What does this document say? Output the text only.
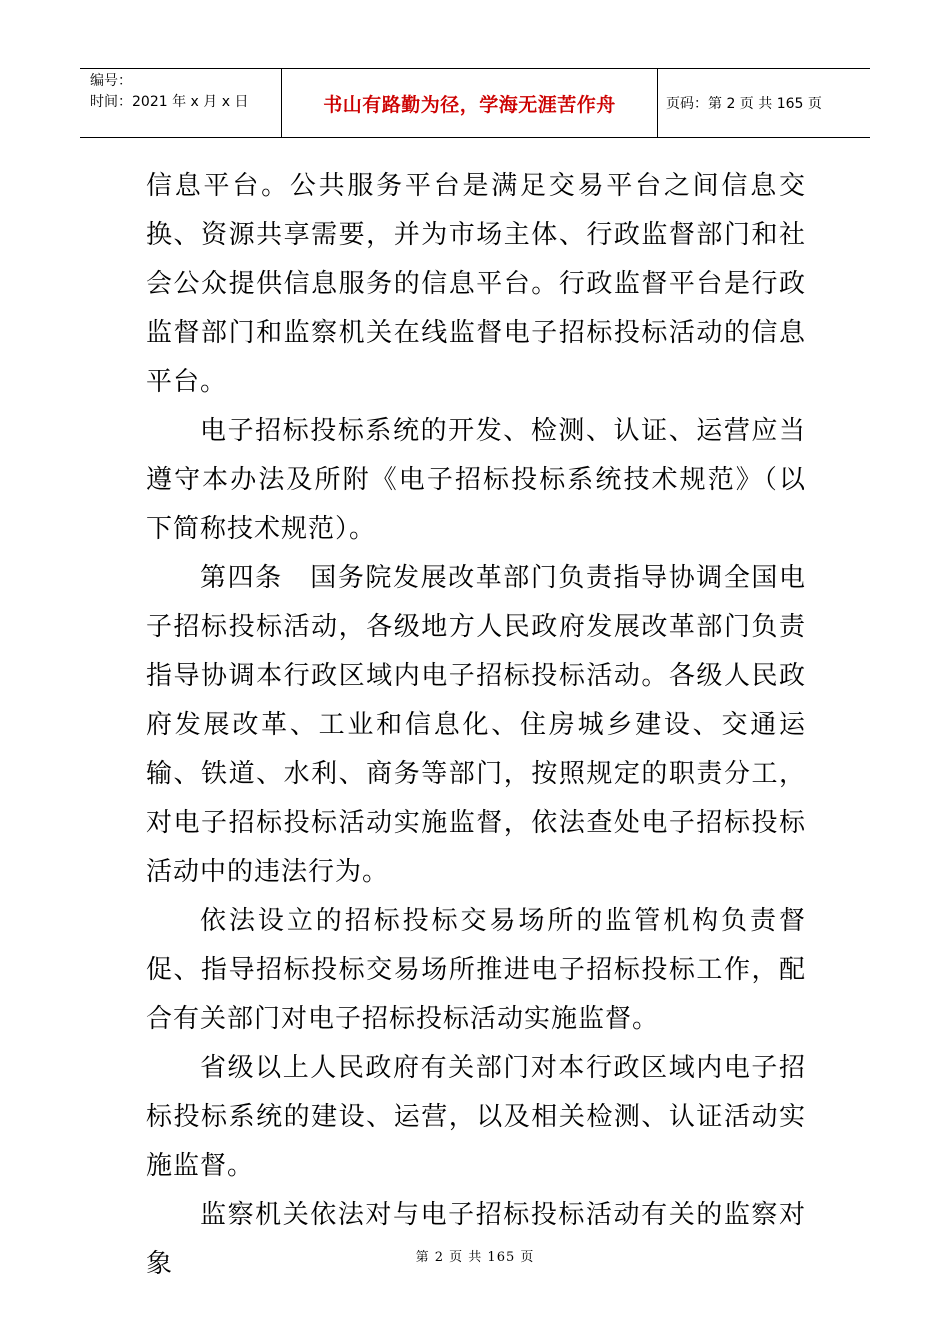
编号：
时间：2021 年 x 月 x 日	书山有路勤为径，学海无涯苦作舟	页码：第 2 页 共 165 页

信息平台。公共服务平台是满足交易平台之间信息交换、资源共享需要，并为市场主体、行政监督部门和社会公众提供信息服务的信息平台。行政监督平台是行政监督部门和监察机关在线监督电子招标投标活动的信息平台。

电子招标投标系统的开发、检测、认证、运营应当遵守本办法及所附《电子招标投标系统技术规范》（以下简称技术规范）。

第四条　国务院发展改革部门负责指导协调全国电子招标投标活动，各级地方人民政府发展改革部门负责指导协调本行政区域内电子招标投标活动。各级人民政府发展改革、工业和信息化、住房城乡建设、交通运输、铁道、水利、商务等部门，按照规定的职责分工，对电子招标投标活动实施监督，依法查处电子招标投标活动中的违法行为。

依法设立的招标投标交易场所的监管机构负责督促、指导招标投标交易场所推进电子招标投标工作，配合有关部门对电子招标投标活动实施监督。

省级以上人民政府有关部门对本行政区域内电子招标投标系统的建设、运营，以及相关检测、认证活动实施监督。

监察机关依法对与电子招标投标活动有关的监察对象	第 2 页 共 165 页
